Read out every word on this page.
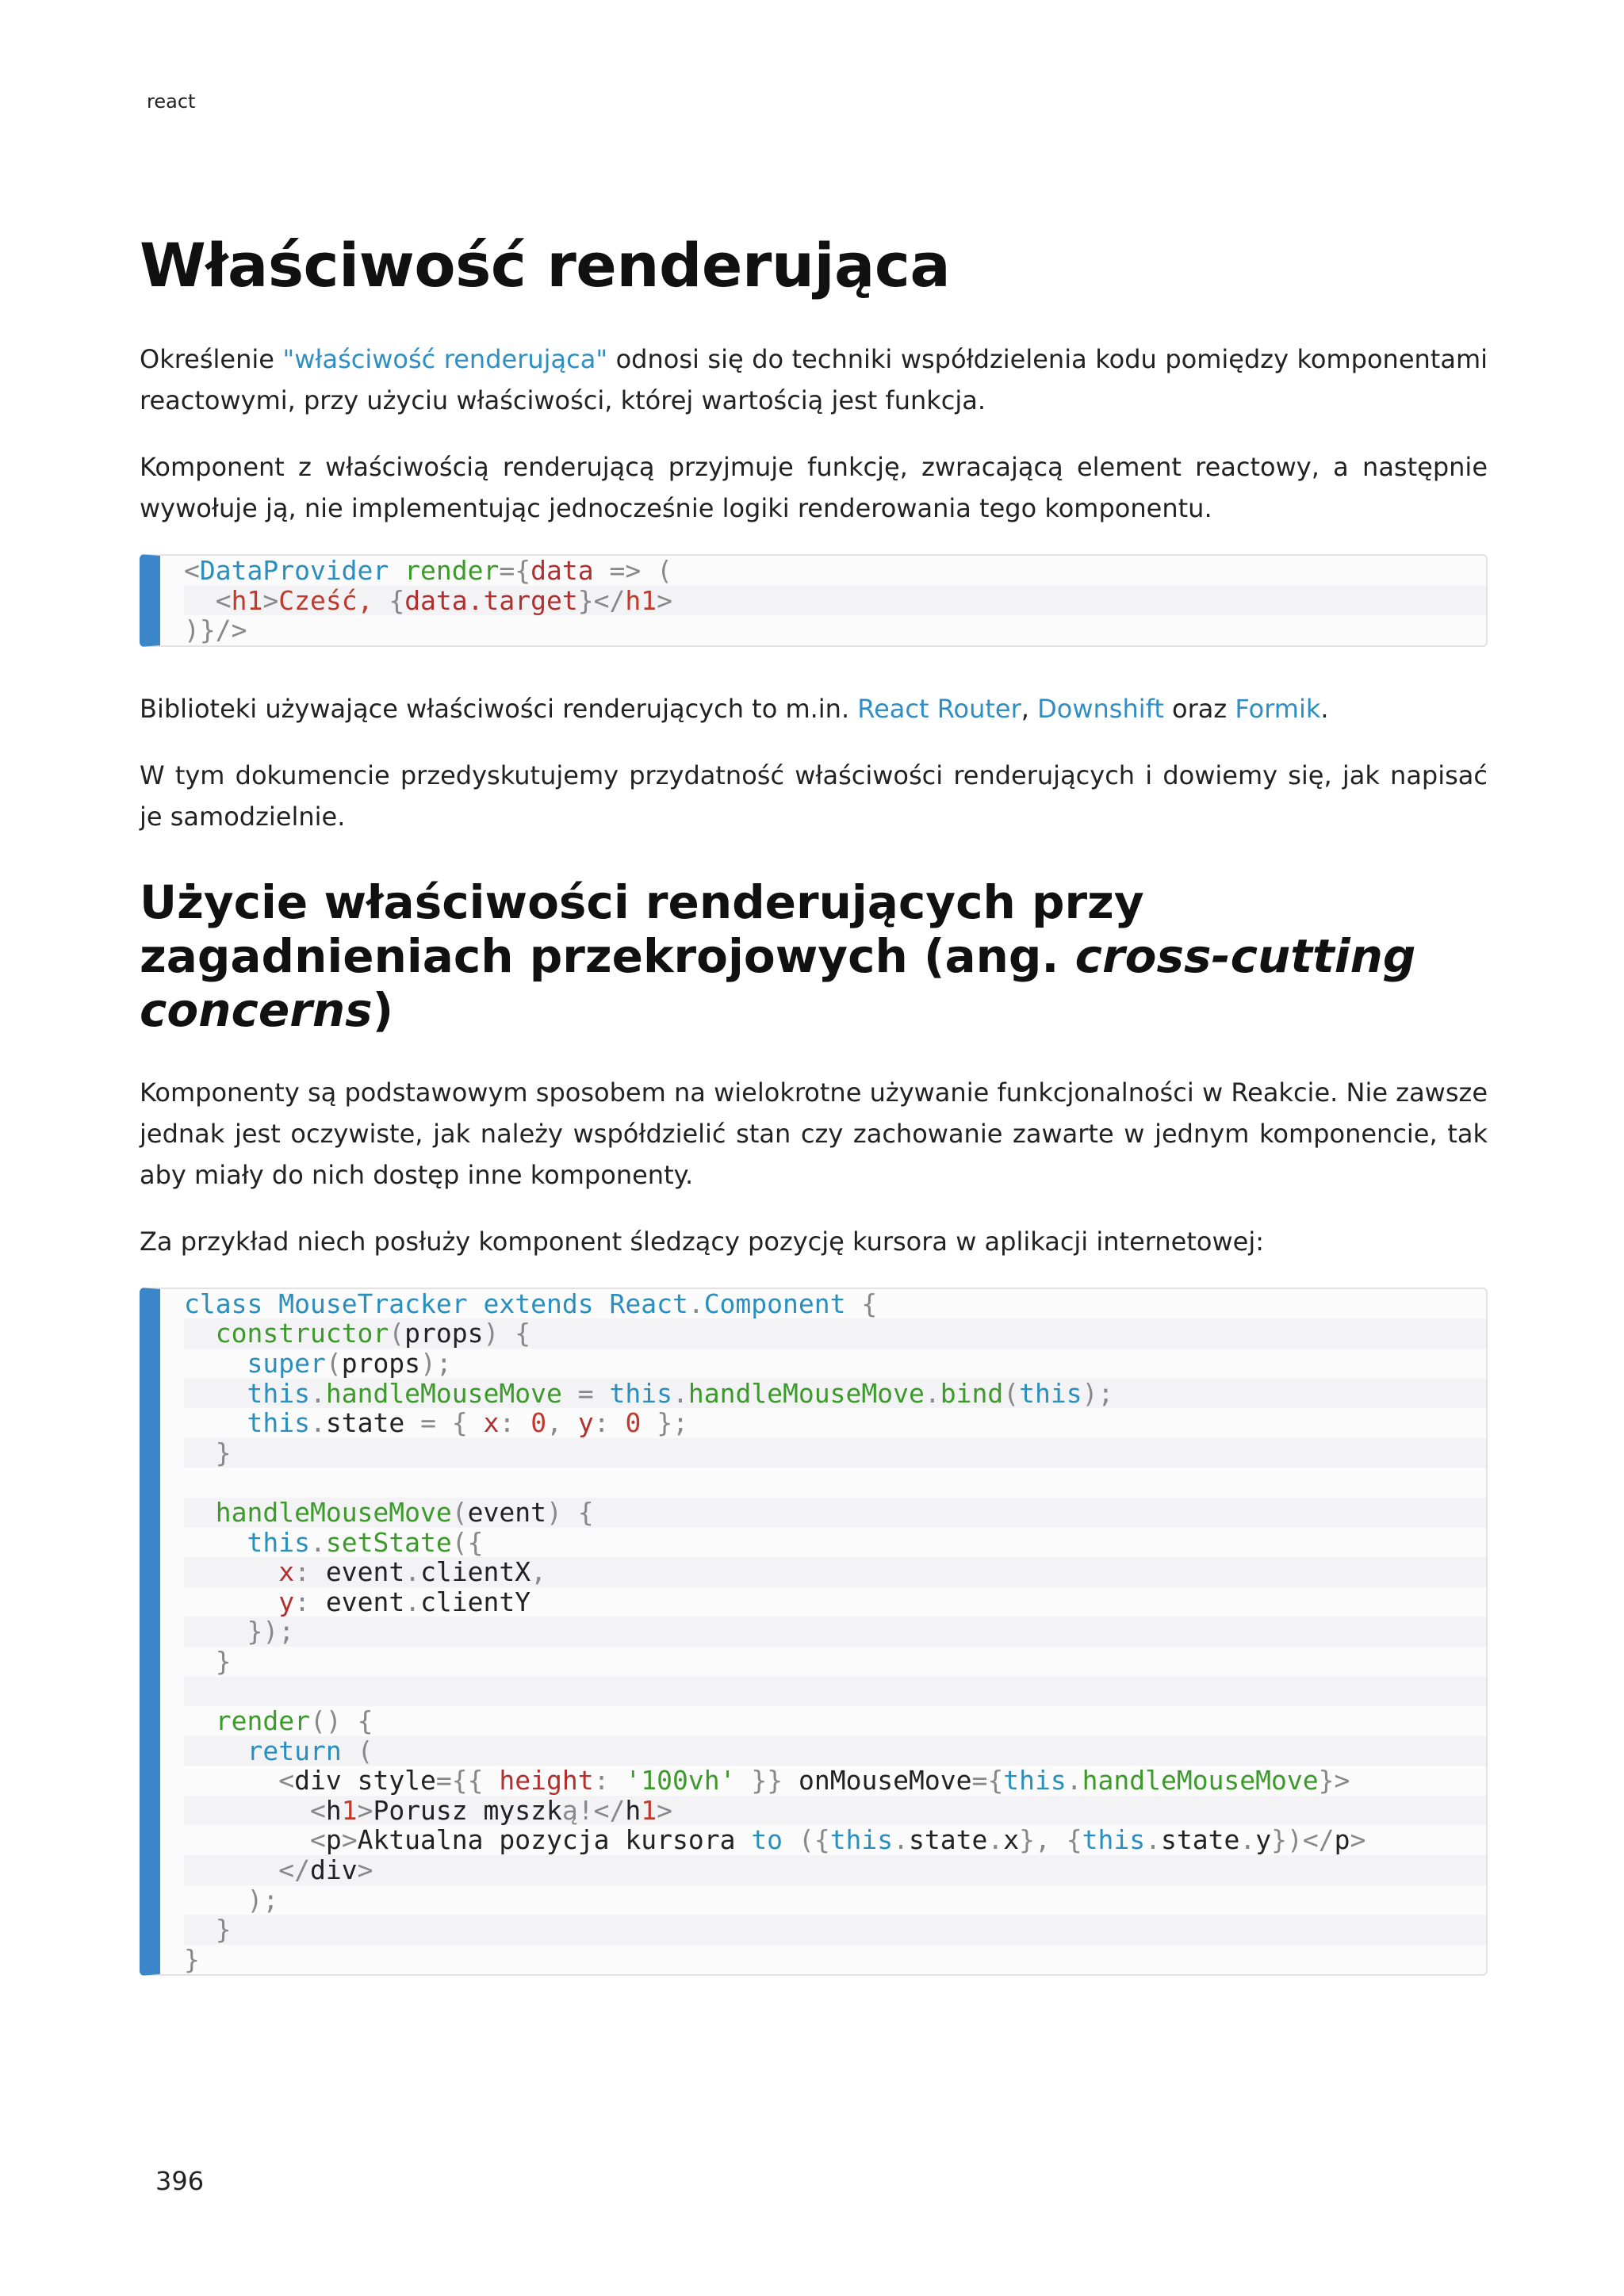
react
Właściwość renderująca

Określenie "właściwość renderująca" odnosi się do techniki współdzielenia kodu pomiędzy komponentami reactowymi, przy użyciu właściwości, której wartością jest funkcja.

Komponent z właściwością renderującą przyjmuje funkcję, zwracającą element reactowy, a następnie wywołuje ją, nie implementując jednocześnie logiki renderowania tego komponentu.

<DataProvider render={data => (
<h1>Cześć, {data.target}</h1>
)}/>

Biblioteki używające właściwości renderujących to m.in. React Router, Downshift oraz Formik.

W tym dokumencie przedyskutujemy przydatność właściwości renderujących i dowiemy się, jak napisać je samodzielnie.

Użycie właściwości renderujących przy zagadnieniach przekrojowych (ang. cross-cutting concerns)

Komponenty są podstawowym sposobem na wielokrotne używanie funkcjonalności w Reakcie. Nie zawsze jednak jest oczywiste, jak należy współdzielić stan czy zachowanie zawarte w jednym komponencie, tak aby miały do nich dostęp inne komponenty.

Za przykład niech posłuży komponent śledzący pozycję kursora w aplikacji internetowej:

class MouseTracker extends React.Component {
constructor(props) {
super(props);
this.handleMouseMove = this.handleMouseMove.bind(this);
this.state = { x: 0, y: 0 };
}
handleMouseMove(event) {
this.setState({
x: event.clientX,
y: event.clientY
});
}
render() {
return (
<div style={{ height: '100vh' }} onMouseMove={this.handleMouseMove}>
<h1>Porusz myszką!</h1>
<p>Aktualna pozycja kursora to ({this.state.x}, {this.state.y})</p>
</div>
);
}
}
396
